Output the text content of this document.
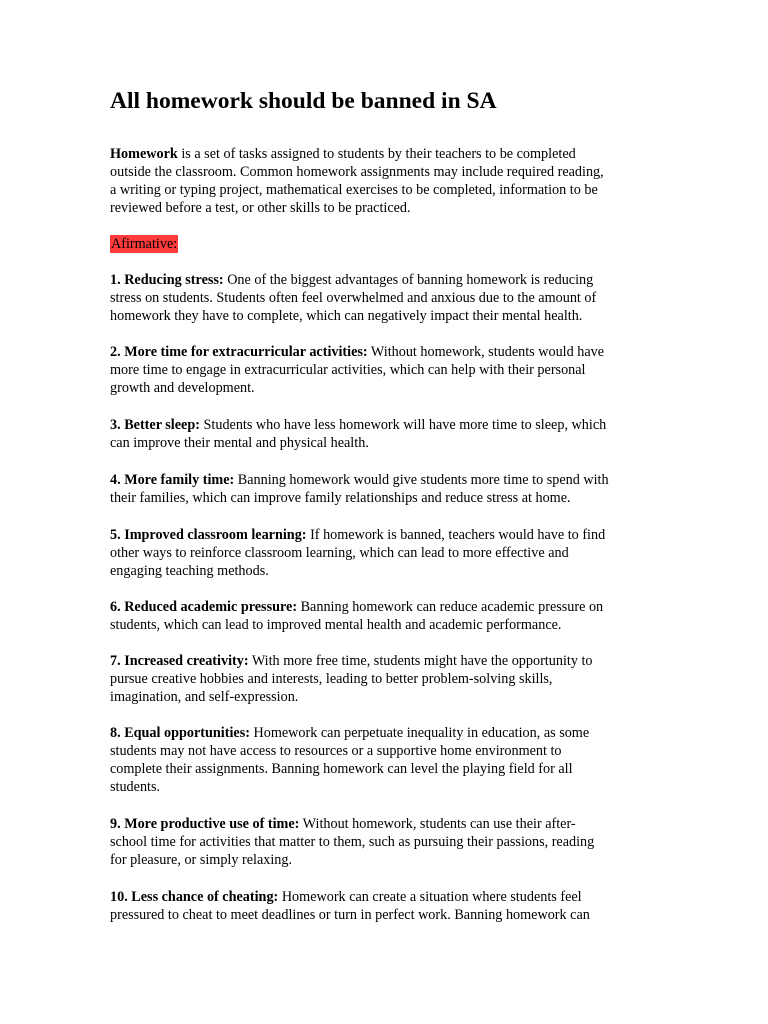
All homework should be banned in SA

Homework is a set of tasks assigned to students by their teachers to be completed
outside the classroom. Common homework assignments may include required reading,
a writing or typing project, mathematical exercises to be completed, information to be
reviewed before a test, or other skills to be practiced.

Afirmative:

1. Reducing stress: One of the biggest advantages of banning homework is reducing
stress on students. Students often feel overwhelmed and anxious due to the amount of
homework they have to complete, which can negatively impact their mental health.

2. More time for extracurricular activities: Without homework, students would have
more time to engage in extracurricular activities, which can help with their personal
growth and development.

3. Better sleep: Students who have less homework will have more time to sleep, which
can improve their mental and physical health.

4. More family time: Banning homework would give students more time to spend with
their families, which can improve family relationships and reduce stress at home.

5. Improved classroom learning: If homework is banned, teachers would have to find
other ways to reinforce classroom learning, which can lead to more effective and
engaging teaching methods.

6. Reduced academic pressure: Banning homework can reduce academic pressure on
students, which can lead to improved mental health and academic performance.

7. Increased creativity: With more free time, students might have the opportunity to
pursue creative hobbies and interests, leading to better problem-solving skills,
imagination, and self-expression.

8. Equal opportunities: Homework can perpetuate inequality in education, as some
students may not have access to resources or a supportive home environment to
complete their assignments. Banning homework can level the playing field for all
students.

9. More productive use of time: Without homework, students can use their after-
school time for activities that matter to them, such as pursuing their passions, reading
for pleasure, or simply relaxing.

10. Less chance of cheating: Homework can create a situation where students feel
pressured to cheat to meet deadlines or turn in perfect work. Banning homework can
